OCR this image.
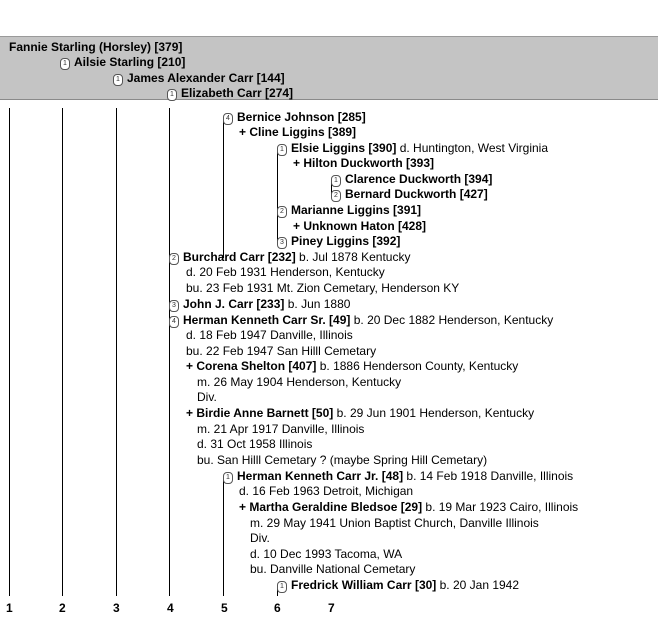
Fannie Starling (Horsley) [379]
1 Ailsie Starling [210]
1 James Alexander Carr [144]
1 Elizabeth Carr [274]
4 Bernice Johnson [285]
+ Cline Liggins [389]
1 Elsie Liggins [390] d. Huntington, West Virginia
+ Hilton Duckworth [393]
1 Clarence Duckworth [394]
2 Bernard Duckworth [427]
2 Marianne Liggins [391]
+ Unknown Haton [428]
3 Piney Liggins [392]
2 Burchard Carr [232] b. Jul 1878 Kentucky
d. 20 Feb 1931 Henderson, Kentucky
bu. 23 Feb 1931 Mt. Zion Cemetary, Henderson KY
3 John J. Carr [233] b. Jun 1880
4 Herman Kenneth Carr Sr. [49] b. 20 Dec 1882 Henderson, Kentucky
d. 18 Feb 1947 Danville, Illinois
bu. 22 Feb 1947 San Hilll Cemetary
+ Corena Shelton [407] b. 1886 Henderson County, Kentucky
m. 26 May 1904 Henderson, Kentucky
Div.
+ Birdie Anne Barnett [50] b. 29 Jun 1901 Henderson, Kentucky
m. 21 Apr 1917 Danville, Illinois
d. 31 Oct 1958 Illinois
bu. San Hilll Cemetary ? (maybe Spring Hill Cemetary)
1 Herman Kenneth Carr Jr. [48] b. 14 Feb 1918 Danville, Illinois
d. 16 Feb 1963 Detroit, Michigan
+ Martha Geraldine Bledsoe [29] b. 19 Mar 1923 Cairo, Illinois
m. 29 May 1941 Union Baptist Church, Danville Illinois
Div.
d. 10 Dec 1993 Tacoma, WA
bu. Danville National Cemetary
1 Fredrick William Carr [30] b. 20 Jan 1942
1	2	3	4	5	6	7
